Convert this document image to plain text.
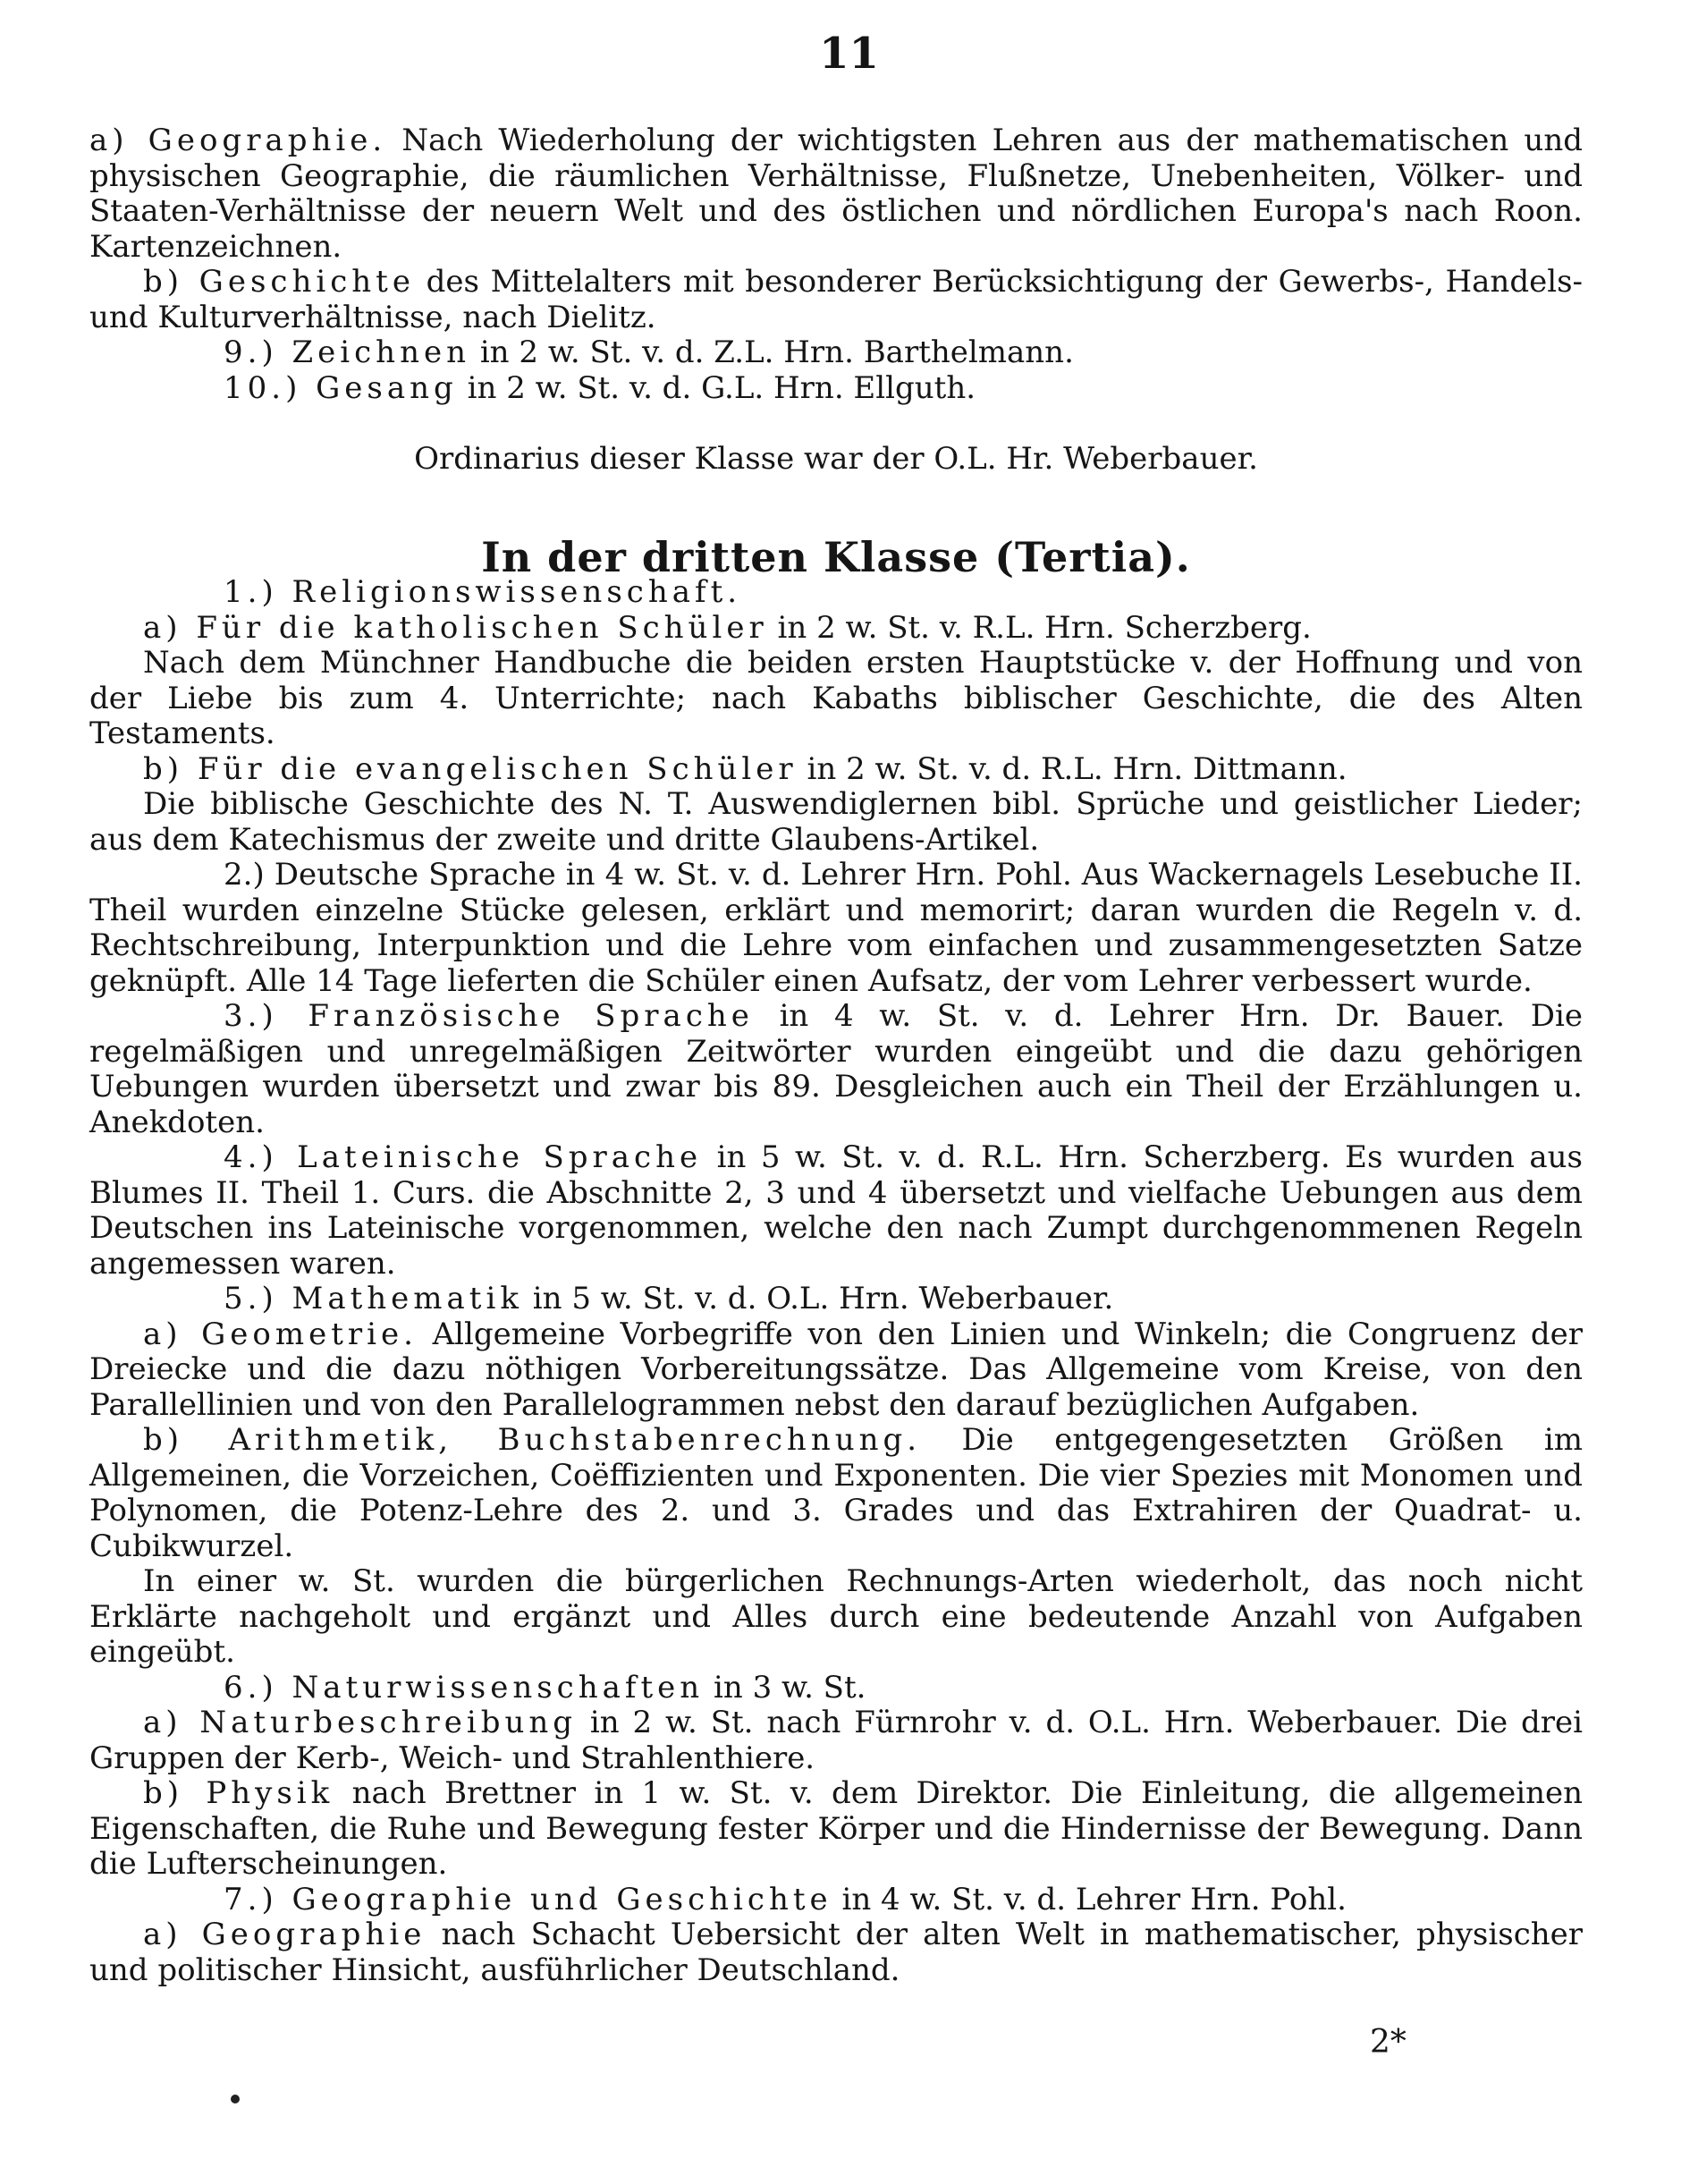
11

a) Geographie. Nach Wiederholung der wichtigsten Lehren aus der mathematischen und physischen Geographie, die räumlichen Verhältnisse, Flußnetze, Unebenheiten, Völker- und Staaten-Verhältnisse der neuern Welt und des östlichen und nördlichen Europa's nach Roon. Kartenzeichnen.

b) Geschichte des Mittelalters mit besonderer Berücksichtigung der Gewerbs-, Handels- und Kulturverhältnisse, nach Dielitz.

9.) Zeichnen in 2 w. St. v. d. Z.L. Hrn. Barthelmann.

10.) Gesang in 2 w. St. v. d. G.L. Hrn. Ellguth.

Ordinarius dieser Klasse war der O.L. Hr. Weberbauer.

In der dritten Klasse (Tertia).

1.) Religionswissenschaft.

a) Für die katholischen Schüler in 2 w. St. v. R.L. Hrn. Scherzberg.

Nach dem Münchner Handbuche die beiden ersten Hauptstücke v. der Hoffnung und von der Liebe bis zum 4. Unterrichte; nach Kabaths biblischer Geschichte, die des Alten Testaments.

b) Für die evangelischen Schüler in 2 w. St. v. d. R.L. Hrn. Dittmann.

Die biblische Geschichte des N. T. Auswendiglernen bibl. Sprüche und geistlicher Lieder; aus dem Katechismus der zweite und dritte Glaubens-Artikel.

2.) Deutsche Sprache in 4 w. St. v. d. Lehrer Hrn. Pohl. Aus Wackernagels Lesebuche II. Theil wurden einzelne Stücke gelesen, erklärt und memorirt; daran wurden die Regeln v. d. Rechtschreibung, Interpunktion und die Lehre vom einfachen und zusammengesetzten Satze geknüpft. Alle 14 Tage lieferten die Schüler einen Aufsatz, der vom Lehrer verbessert wurde.

3.) Französische Sprache in 4 w. St. v. d. Lehrer Hrn. Dr. Bauer. Die regelmäßigen und unregelmäßigen Zeitwörter wurden eingeübt und die dazu gehörigen Uebungen wurden übersetzt und zwar bis 89. Desgleichen auch ein Theil der Erzählungen u. Anekdoten.

4.) Lateinische Sprache in 5 w. St. v. d. R.L. Hrn. Scherzberg. Es wurden aus Blumes II. Theil 1. Curs. die Abschnitte 2, 3 und 4 übersetzt und vielfache Uebungen aus dem Deutschen ins Lateinische vorgenommen, welche den nach Zumpt durchgenommenen Regeln angemessen waren.

5.) Mathematik in 5 w. St. v. d. O.L. Hrn. Weberbauer.

a) Geometrie. Allgemeine Vorbegriffe von den Linien und Winkeln; die Congruenz der Dreiecke und die dazu nöthigen Vorbereitungssätze. Das Allgemeine vom Kreise, von den Parallellinien und von den Parallelogrammen nebst den darauf bezüglichen Aufgaben.

b) Arithmetik, Buchstabenrechnung. Die entgegengesetzten Größen im Allgemeinen, die Vorzeichen, Coëffizienten und Exponenten. Die vier Spezies mit Monomen und Polynomen, die Potenz-Lehre des 2. und 3. Grades und das Extrahiren der Quadrat- u. Cubikwurzel.

In einer w. St. wurden die bürgerlichen Rechnungs-Arten wiederholt, das noch nicht Erklärte nachgeholt und ergänzt und Alles durch eine bedeutende Anzahl von Aufgaben eingeübt.

6.) Naturwissenschaften in 3 w. St.

a) Naturbeschreibung in 2 w. St. nach Fürnrohr v. d. O.L. Hrn. Weberbauer. Die drei Gruppen der Kerb-, Weich- und Strahlenthiere.

b) Physik nach Brettner in 1 w. St. v. dem Direktor. Die Einleitung, die allgemeinen Eigenschaften, die Ruhe und Bewegung fester Körper und die Hindernisse der Bewegung. Dann die Lufterscheinungen.

7.) Geographie und Geschichte in 4 w. St. v. d. Lehrer Hrn. Pohl.

a) Geographie nach Schacht Uebersicht der alten Welt in mathematischer, physischer und politischer Hinsicht, ausführlicher Deutschland.

2*
